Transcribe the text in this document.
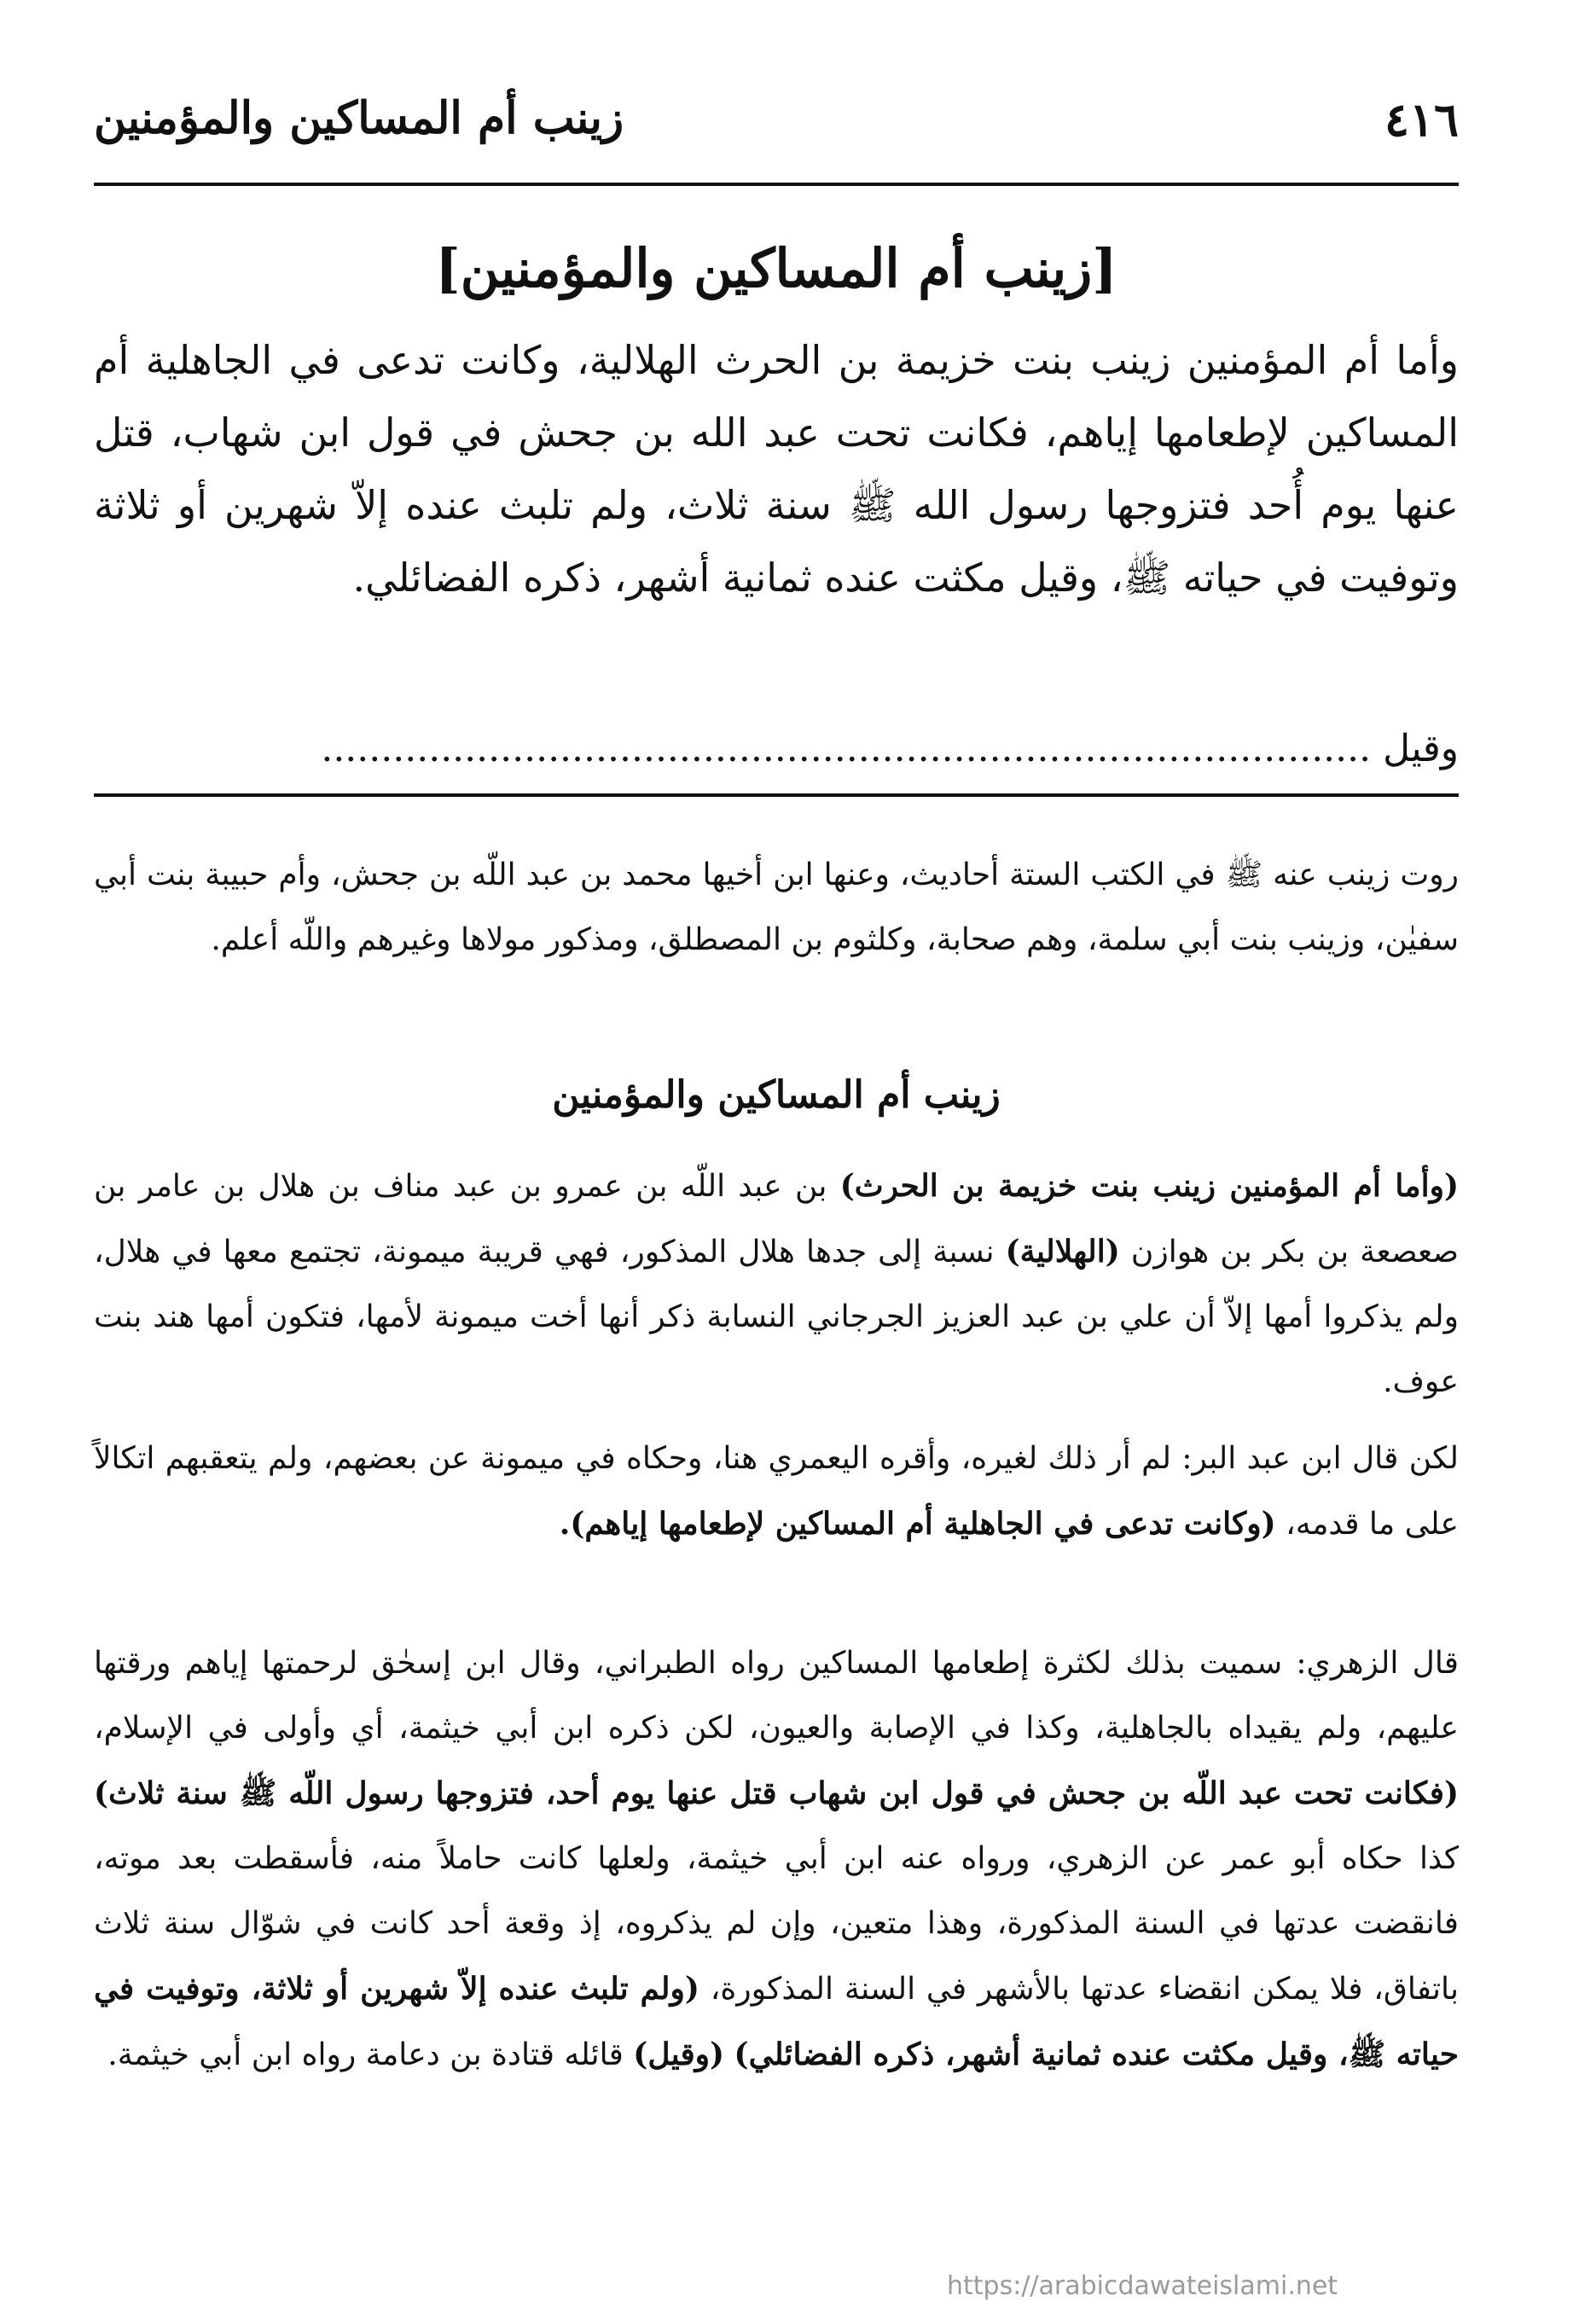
٤١٦
زينب أم المساكين والمؤمنين
[زينب أم المساكين والمؤمنين]

وأما أم المؤمنين زينب بنت خزيمة بن الحرث الهلالية، وكانت تدعى في الجاهلية أم المساكين لإطعامها إياهم، فكانت تحت عبد الله بن جحش في قول ابن شهاب، قتل عنها يوم أُحد فتزوجها رسول الله ﷺ سنة ثلاث، ولم تلبث عنده إلاّ شهرين أو ثلاثة وتوفيت في حياته ﷺ، وقيل مكثت عنده ثمانية أشهر، ذكره الفضائلي.

وقيل ........................................................................................

روت زينب عنه ﷺ في الكتب الستة أحاديث، وعنها ابن أخيها محمد بن عبد اللّه بن جحش، وأم حبيبة بنت أبي سفيٰن، وزينب بنت أبي سلمة، وهم صحابة، وكلثوم بن المصطلق، ومذكور مولاها وغيرهم واللّه أعلم.

زينب أم المساكين والمؤمنين

(وأما أم المؤمنين زينب بنت خزيمة بن الحرث) بن عبد اللّه بن عمرو بن عبد مناف بن هلال بن عامر بن صعصعة بن بكر بن هوازن (الهلالية) نسبة إلى جدها هلال المذكور، فهي قريبة ميمونة، تجتمع معها في هلال، ولم يذكروا أمها إلاّ أن علي بن عبد العزيز الجرجاني النسابة ذكر أنها أخت ميمونة لأمها، فتكون أمها هند بنت عوف.

لكن قال ابن عبد البر: لم أر ذلك لغيره، وأقره اليعمري هنا، وحكاه في ميمونة عن بعضهم، ولم يتعقبهم اتكالاً على ما قدمه، (وكانت تدعى في الجاهلية أم المساكين لإطعامها إياهم).

قال الزهري: سميت بذلك لكثرة إطعامها المساكين رواه الطبراني، وقال ابن إسحٰق لرحمتها إياهم ورقتها عليهم، ولم يقيداه بالجاهلية، وكذا في الإصابة والعيون، لكن ذكره ابن أبي خيثمة، أي وأولى في الإسلام، (فكانت تحت عبد اللّه بن جحش في قول ابن شهاب قتل عنها يوم أحد، فتزوجها رسول اللّه ﷺ سنة ثلاث) كذا حكاه أبو عمر عن الزهري، ورواه عنه ابن أبي خيثمة، ولعلها كانت حاملاً منه، فأسقطت بعد موته، فانقضت عدتها في السنة المذكورة، وهذا متعين، وإن لم يذكروه، إذ وقعة أحد كانت في شوّال سنة ثلاث باتفاق، فلا يمكن انقضاء عدتها بالأشهر في السنة المذكورة، (ولم تلبث عنده إلاّ شهرين أو ثلاثة، وتوفيت في حياته ﷺ، وقيل مكثت عنده ثمانية أشهر، ذكره الفضائلي) (وقيل) قائله قتادة بن دعامة رواه ابن أبي خيثمة.

https://arabicdawateislami.net
